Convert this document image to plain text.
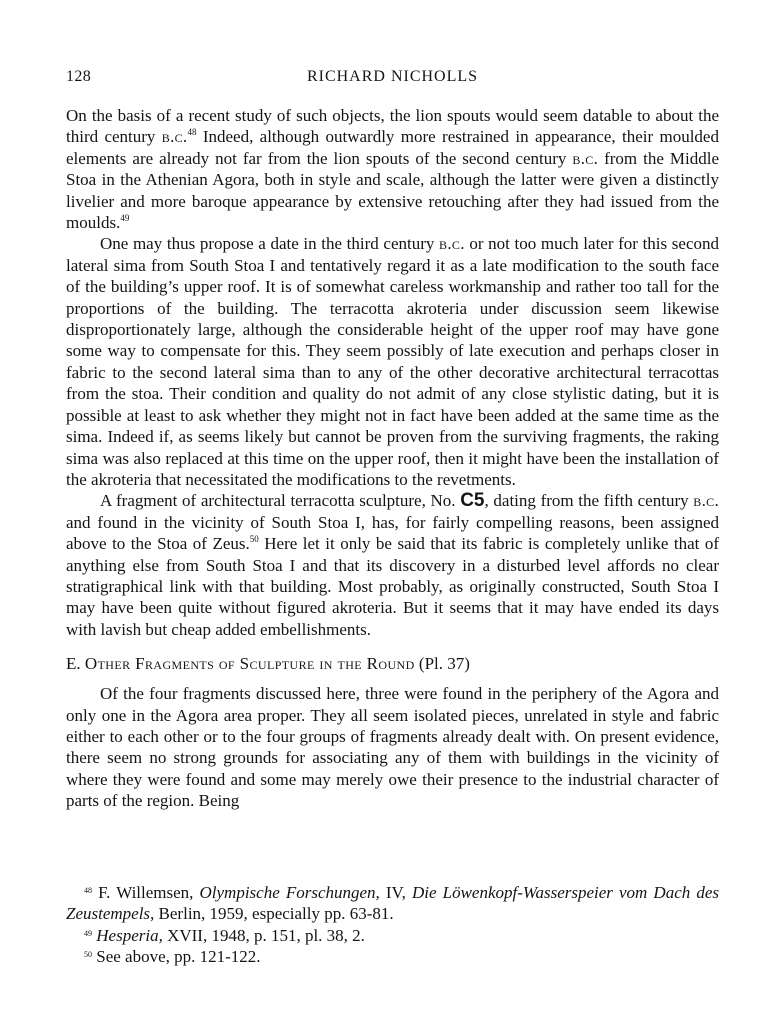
128	RICHARD NICHOLLS

On the basis of a recent study of such objects, the lion spouts would seem datable to about the third century b.c.$^{48}$ Indeed, although outwardly more restrained in appearance, their moulded elements are already not far from the lion spouts of the second century b.c. from the Middle Stoa in the Athenian Agora, both in style and scale, although the latter were given a distinctly livelier and more baroque appearance by extensive retouching after they had issued from the moulds.$^{49}$

One may thus propose a date in the third century b.c. or not too much later for this second lateral sima from South Stoa I and tentatively regard it as a late modification to the south face of the building’s upper roof. It is of somewhat careless workmanship and rather too tall for the proportions of the building. The terracotta akroteria under discussion seem likewise disproportionately large, although the considerable height of the upper roof may have gone some way to compensate for this. They seem possibly of late execution and perhaps closer in fabric to the second lateral sima than to any of the other decorative architectural terracottas from the stoa. Their condition and quality do not admit of any close stylistic dating, but it is possible at least to ask whether they might not in fact have been added at the same time as the sima. Indeed if, as seems likely but cannot be proven from the surviving fragments, the raking sima was also replaced at this time on the upper roof, then it might have been the installation of the akroteria that necessitated the modifications to the revetments.

A fragment of architectural terracotta sculpture, No. C5, dating from the fifth century b.c. and found in the vicinity of South Stoa I, has, for fairly compelling reasons, been assigned above to the Stoa of Zeus.$^{50}$ Here let it only be said that its fabric is completely unlike that of anything else from South Stoa I and that its discovery in a disturbed level affords no clear stratigraphical link with that building. Most probably, as originally constructed, South Stoa I may have been quite without figured akroteria. But it seems that it may have ended its days with lavish but cheap added embellishments.

E. Other Fragments of Sculpture in the Round (Pl. 37)

Of the four fragments discussed here, three were found in the periphery of the Agora and only one in the Agora area proper. They all seem isolated pieces, unrelated in style and fabric either to each other or to the four groups of fragments already dealt with. On present evidence, there seem no strong grounds for associating any of them with buildings in the vicinity of where they were found and some may merely owe their presence to the industrial character of parts of the region. Being

$^{48}$ F. Willemsen, Olympische Forschungen, IV, Die Löwenkopf-Wasserspeier vom Dach des Zeustempels, Berlin, 1959, especially pp. 63-81.

$^{49}$ Hesperia, XVII, 1948, p. 151, pl. 38, 2.

$^{50}$ See above, pp. 121-122.
